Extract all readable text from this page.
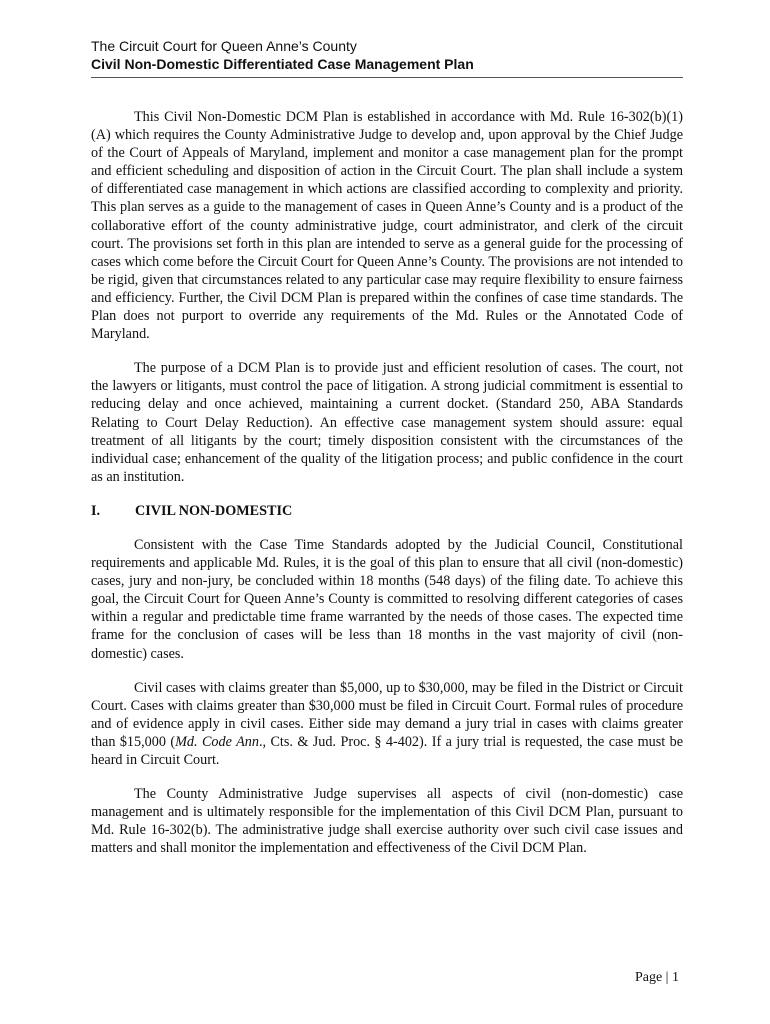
The Circuit Court for Queen Anne’s County
Civil Non-Domestic Differentiated Case Management Plan

This Civil Non-Domestic DCM Plan is established in accordance with Md. Rule 16-302(b)(1)(A) which requires the County Administrative Judge to develop and, upon approval by the Chief Judge of the Court of Appeals of Maryland, implement and monitor a case management plan for the prompt and efficient scheduling and disposition of action in the Circuit Court. The plan shall include a system of differentiated case management in which actions are classified according to complexity and priority. This plan serves as a guide to the management of cases in Queen Anne’s County and is a product of the collaborative effort of the county administrative judge, court administrator, and clerk of the circuit court. The provisions set forth in this plan are intended to serve as a general guide for the processing of cases which come before the Circuit Court for Queen Anne’s County. The provisions are not intended to be rigid, given that circumstances related to any particular case may require flexibility to ensure fairness and efficiency. Further, the Civil DCM Plan is prepared within the confines of case time standards. The Plan does not purport to override any requirements of the Md. Rules or the Annotated Code of Maryland.

The purpose of a DCM Plan is to provide just and efficient resolution of cases. The court, not the lawyers or litigants, must control the pace of litigation. A strong judicial commitment is essential to reducing delay and once achieved, maintaining a current docket. (Standard 250, ABA Standards Relating to Court Delay Reduction). An effective case management system should assure: equal treatment of all litigants by the court; timely disposition consistent with the circumstances of the individual case; enhancement of the quality of the litigation process; and public confidence in the court as an institution.

I.	CIVIL NON-DOMESTIC

Consistent with the Case Time Standards adopted by the Judicial Council, Constitutional requirements and applicable Md. Rules, it is the goal of this plan to ensure that all civil (non-domestic) cases, jury and non-jury, be concluded within 18 months (548 days) of the filing date. To achieve this goal, the Circuit Court for Queen Anne’s County is committed to resolving different categories of cases within a regular and predictable time frame warranted by the needs of those cases. The expected time frame for the conclusion of cases will be less than 18 months in the vast majority of civil (non-domestic) cases.

Civil cases with claims greater than $5,000, up to $30,000, may be filed in the District or Circuit Court. Cases with claims greater than $30,000 must be filed in Circuit Court. Formal rules of procedure and of evidence apply in civil cases. Either side may demand a jury trial in cases with claims greater than $15,000 (Md. Code Ann., Cts. & Jud. Proc. § 4-402). If a jury trial is requested, the case must be heard in Circuit Court.

The County Administrative Judge supervises all aspects of civil (non-domestic) case management and is ultimately responsible for the implementation of this Civil DCM Plan, pursuant to Md. Rule 16-302(b). The administrative judge shall exercise authority over such civil case issues and matters and shall monitor the implementation and effectiveness of the Civil DCM Plan.

Page | 1
